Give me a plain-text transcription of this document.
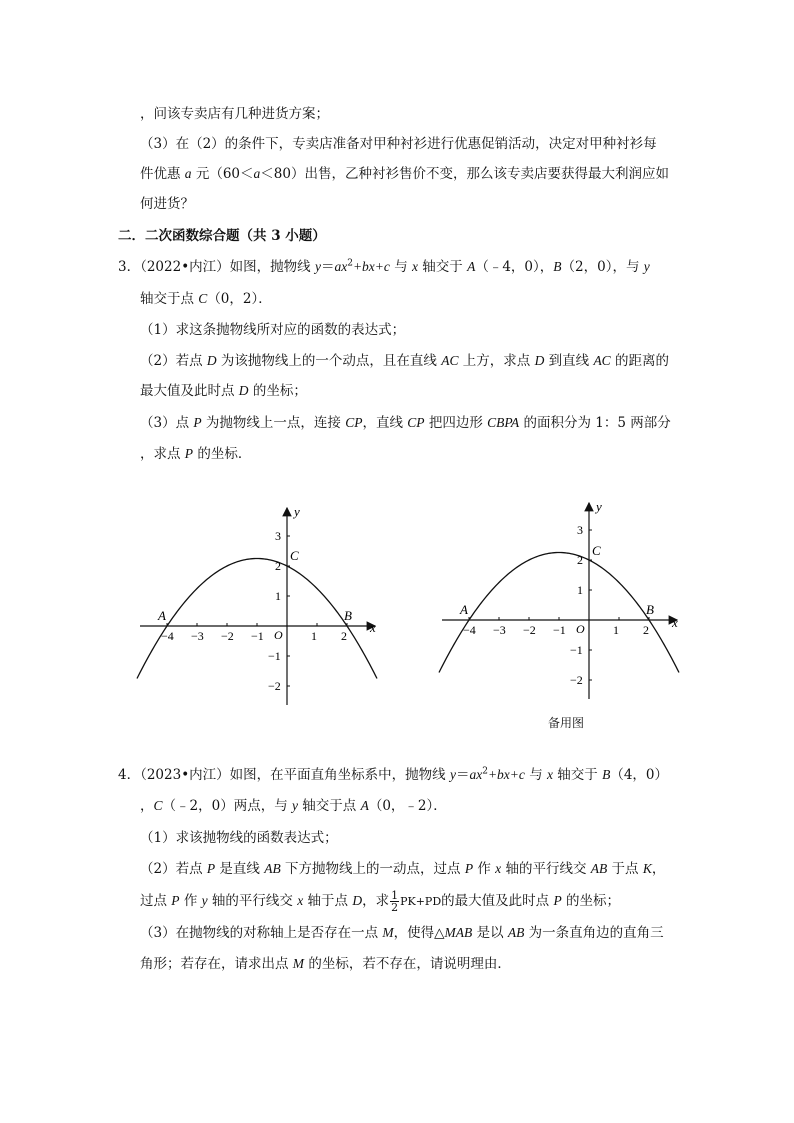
，问该专卖店有几种进货方案；
（3）在（2）的条件下，专卖店准备对甲种衬衫进行优惠促销活动，决定对甲种衬衫每
件优惠 a 元（60＜a＜80）出售，乙种衬衫售价不变，那么该专卖店要获得最大利润应如
何进货？
二．二次函数综合题（共 3 小题）
3．（2022•内江）如图，抛物线 $y=ax^2+bx+c$ 与 x 轴交于 A（﹣4，0），B（2，0），与 y
轴交于点 C（0，2）．
（1）求这条抛物线所对应的函数的表达式；
（2）若点 D 为该抛物线上的一个动点，且在直线 AC 上方，求点 D 到直线 AC 的距离的
最大值及此时点 D 的坐标；
（3）点 P 为抛物线上一点，连接 CP，直线 CP 把四边形 CBPA 的面积分为 1：5 两部分
，求点 P 的坐标．
−4 −3 −2 −1	1 2
3
2
1
−1
−2
x
y
O
A	B
C
−4 −3 −2 −1	1 2
3
2
1
−1
−2
x
y
O
A	B
C
备用图
4．（2023•内江）如图，在平面直角坐标系中，抛物线 $y=ax^2+bx+c$ 与 x 轴交于 B（4，0）
，C（﹣2，0）两点，与 y 轴交于点 A（0，﹣2）．
（1）求该抛物线的函数表达式；
（2）若点 P 是直线 AB 下方抛物线上的一动点，过点 P 作 x 轴的平行线交 AB 于点 K，
过点 P 作 y 轴的平行线交 x 轴于点 D，求 $\frac{1}{2} PK+PD$的最大值及此时点 P 的坐标；
（3）在抛物线的对称轴上是否存在一点 M，使得△MAB 是以 AB 为一条直角边的直角三
角形；若存在，请求出点 M 的坐标，若不存在，请说明理由．
